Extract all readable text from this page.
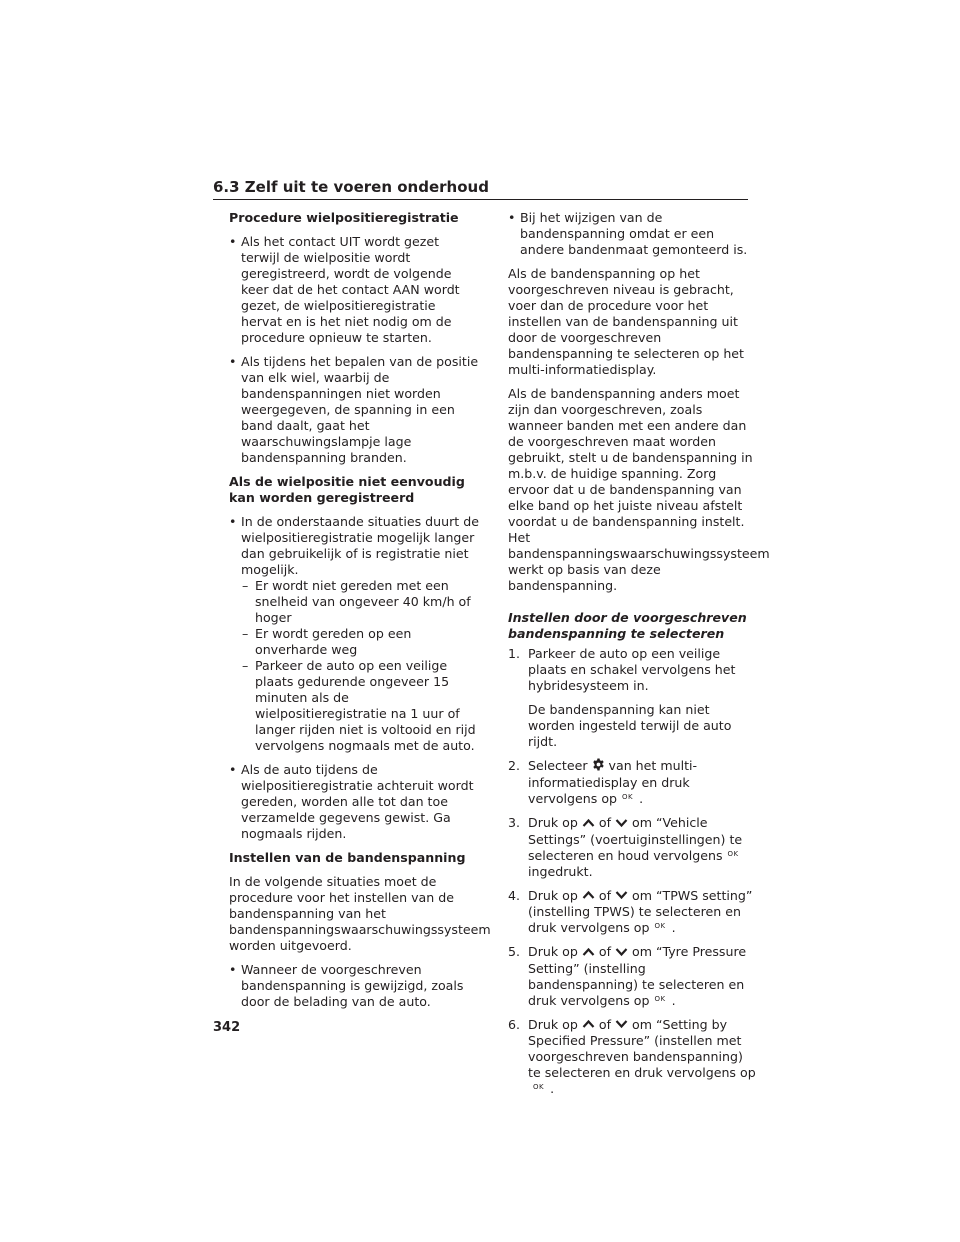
6.3 Zelf uit te voeren onderhoud

Procedure wielpositieregistratie

• Als het contact UIT wordt gezet terwijl de wielpositie wordt geregistreerd, wordt de volgende keer dat de het contact AAN wordt gezet, de wielpositieregistratie hervat en is het niet nodig om de procedure opnieuw te starten.
• Als tijdens het bepalen van de positie van elk wiel, waarbij de bandenspanningen niet worden weergegeven, de spanning in een band daalt, gaat het waarschuwingslampje lage bandenspanning branden.

Als de wielpositie niet eenvoudig kan worden geregistreerd

• In de onderstaande situaties duurt de wielpositieregistratie mogelijk langer dan gebruikelijk of is registratie niet mogelijk.
– Er wordt niet gereden met een snelheid van ongeveer 40 km/h of hoger
– Er wordt gereden op een onverharde weg
– Parkeer de auto op een veilige plaats gedurende ongeveer 15 minuten als de wielpositieregistratie na 1 uur of langer rijden niet is voltooid en rijd vervolgens nogmaals met de auto.
• Als de auto tijdens de wielpositieregistratie achteruit wordt gereden, worden alle tot dan toe verzamelde gegevens gewist. Ga nogmaals rijden.

Instellen van de bandenspanning

In de volgende situaties moet de procedure voor het instellen van de bandenspanning van het bandenspanningswaarschuwingssysteem worden uitgevoerd.

• Wanneer de voorgeschreven bandenspanning is gewijzigd, zoals door de belading van de auto.
• Bij het wijzigen van de bandenspanning omdat er een andere bandenmaat gemonteerd is.

Als de bandenspanning op het voorgeschreven niveau is gebracht, voer dan de procedure voor het instellen van de bandenspanning uit door de voorgeschreven bandenspanning te selecteren op het multi-informatiedisplay.

Als de bandenspanning anders moet zijn dan voorgeschreven, zoals wanneer banden met een andere dan de voorgeschreven maat worden gebruikt, stelt u de bandenspanning in m.b.v. de huidige spanning. Zorg ervoor dat u de bandenspanning van elke band op het juiste niveau afstelt voordat u de bandenspanning instelt. Het bandenspanningswaarschuwingssysteem werkt op basis van deze bandenspanning.

Instellen door de voorgeschreven bandenspanning te selecteren

1. Parkeer de auto op een veilige plaats en schakel vervolgens het hybridesysteem in.

De bandenspanning kan niet worden ingesteld terwijl de auto rijdt.

2. Selecteer van het multi-informatiedisplay en druk vervolgens op OK .
3. Druk op of om “Vehicle Settings” (voertuiginstellingen) te selecteren en houd vervolgens OKingedrukt.
4. Druk op of om “TPWS setting” (instelling TPWS) te selecteren en druk vervolgens op OK .
5. Druk op of om “Tyre Pressure Setting” (instelling bandenspanning) te selecteren en druk vervolgens op OK .
6. Druk op of om “Setting by Specified Pressure” (instellen met voorgeschreven bandenspanning) te selecteren en druk vervolgens opOK .
342
